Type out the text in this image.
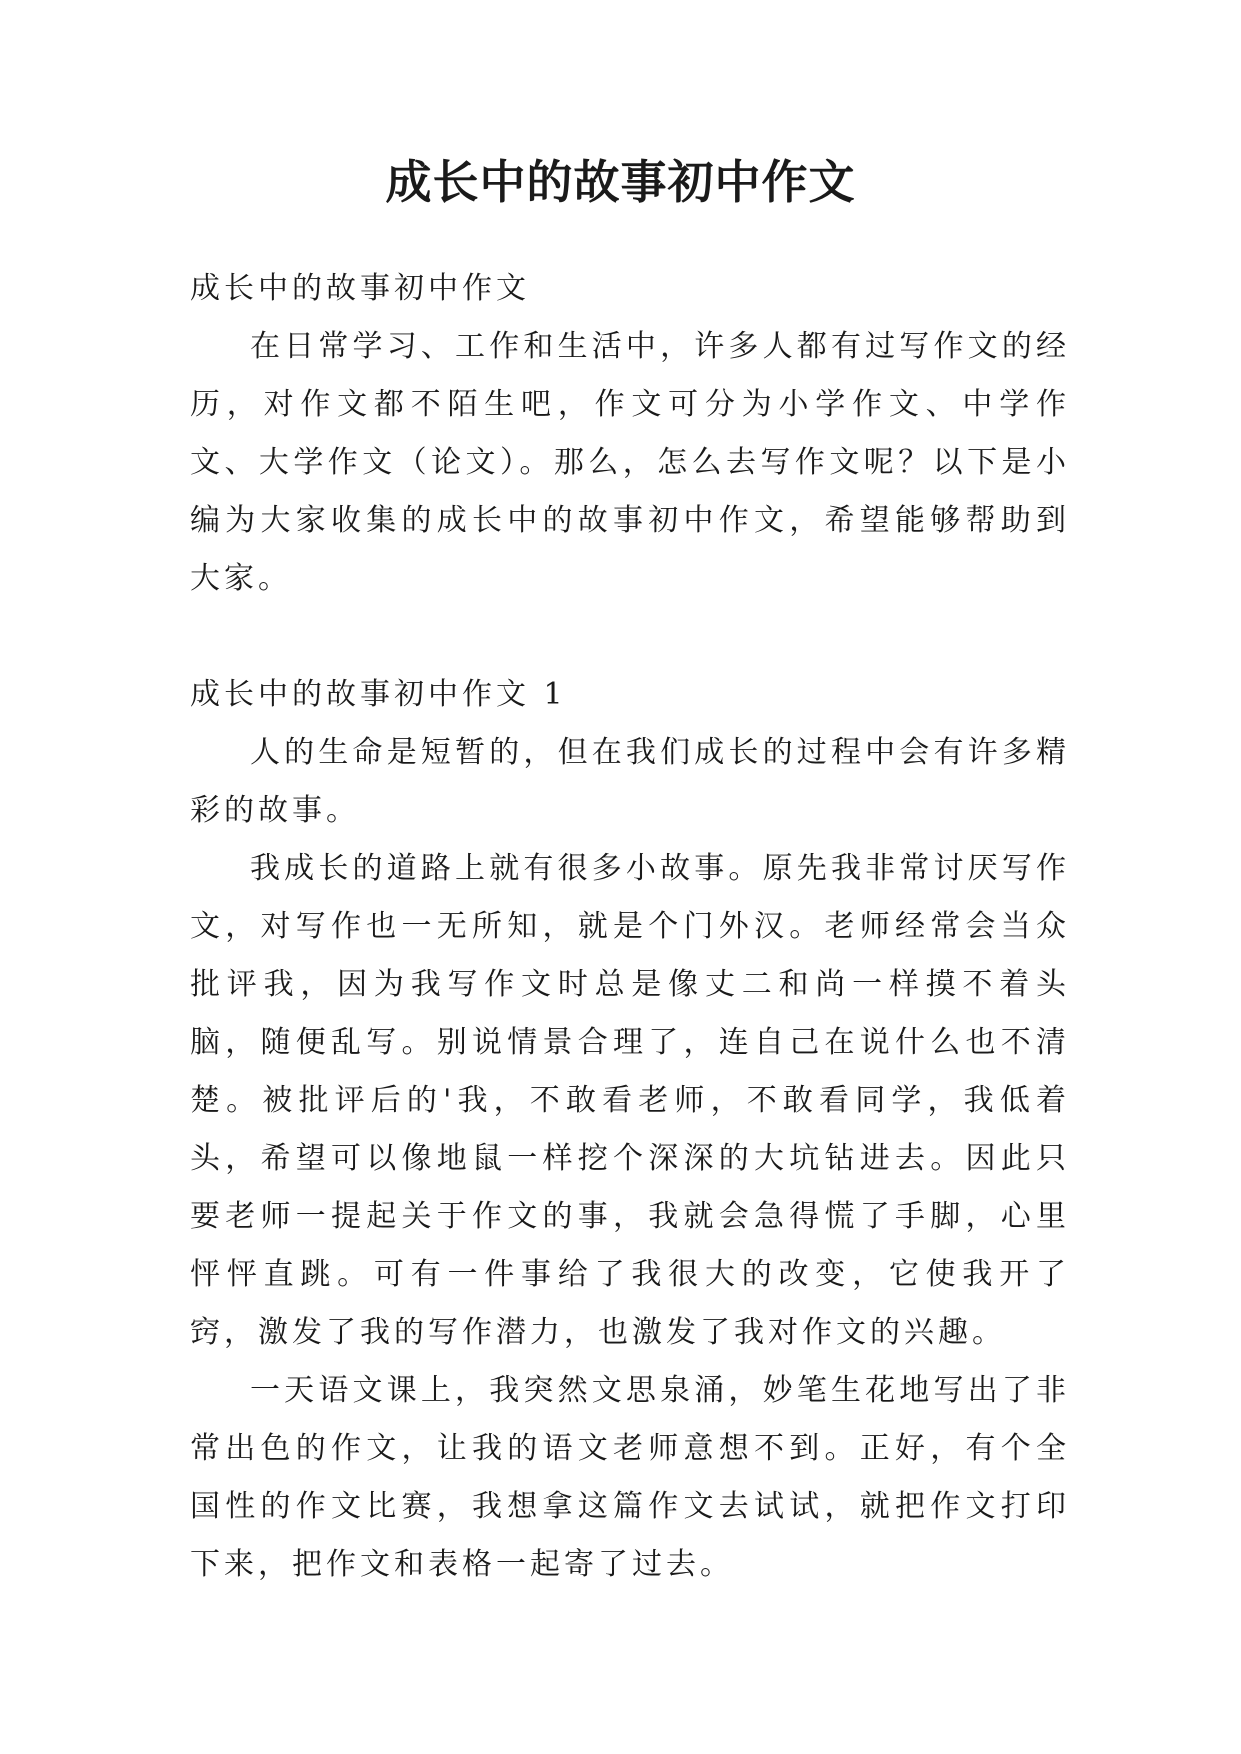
成长中的故事初中作文

成长中的故事初中作文

在日常学习、工作和生活中，许多人都有过写作文的经历，对作文都不陌生吧，作文可分为小学作文、中学作文、大学作文（论文）。那么，怎么去写作文呢？以下是小编为大家收集的成长中的故事初中作文，希望能够帮助到大家。

成长中的故事初中作文 1

人的生命是短暂的，但在我们成长的过程中会有许多精彩的故事。

我成长的道路上就有很多小故事。原先我非常讨厌写作文，对写作也一无所知，就是个门外汉。老师经常会当众批评我，因为我写作文时总是像丈二和尚一样摸不着头脑，随便乱写。别说情景合理了，连自己在说什么也不清楚。被批评后的'我，不敢看老师，不敢看同学，我低着头，希望可以像地鼠一样挖个深深的大坑钻进去。因此只要老师一提起关于作文的事，我就会急得慌了手脚，心里怦怦直跳。可有一件事给了我很大的改变，它使我开了窍，激发了我的写作潜力，也激发了我对作文的兴趣。

一天语文课上，我突然文思泉涌，妙笔生花地写出了非常出色的作文，让我的语文老师意想不到。正好，有个全国性的作文比赛，我想拿这篇作文去试试，就把作文打印下来，把作文和表格一起寄了过去。
